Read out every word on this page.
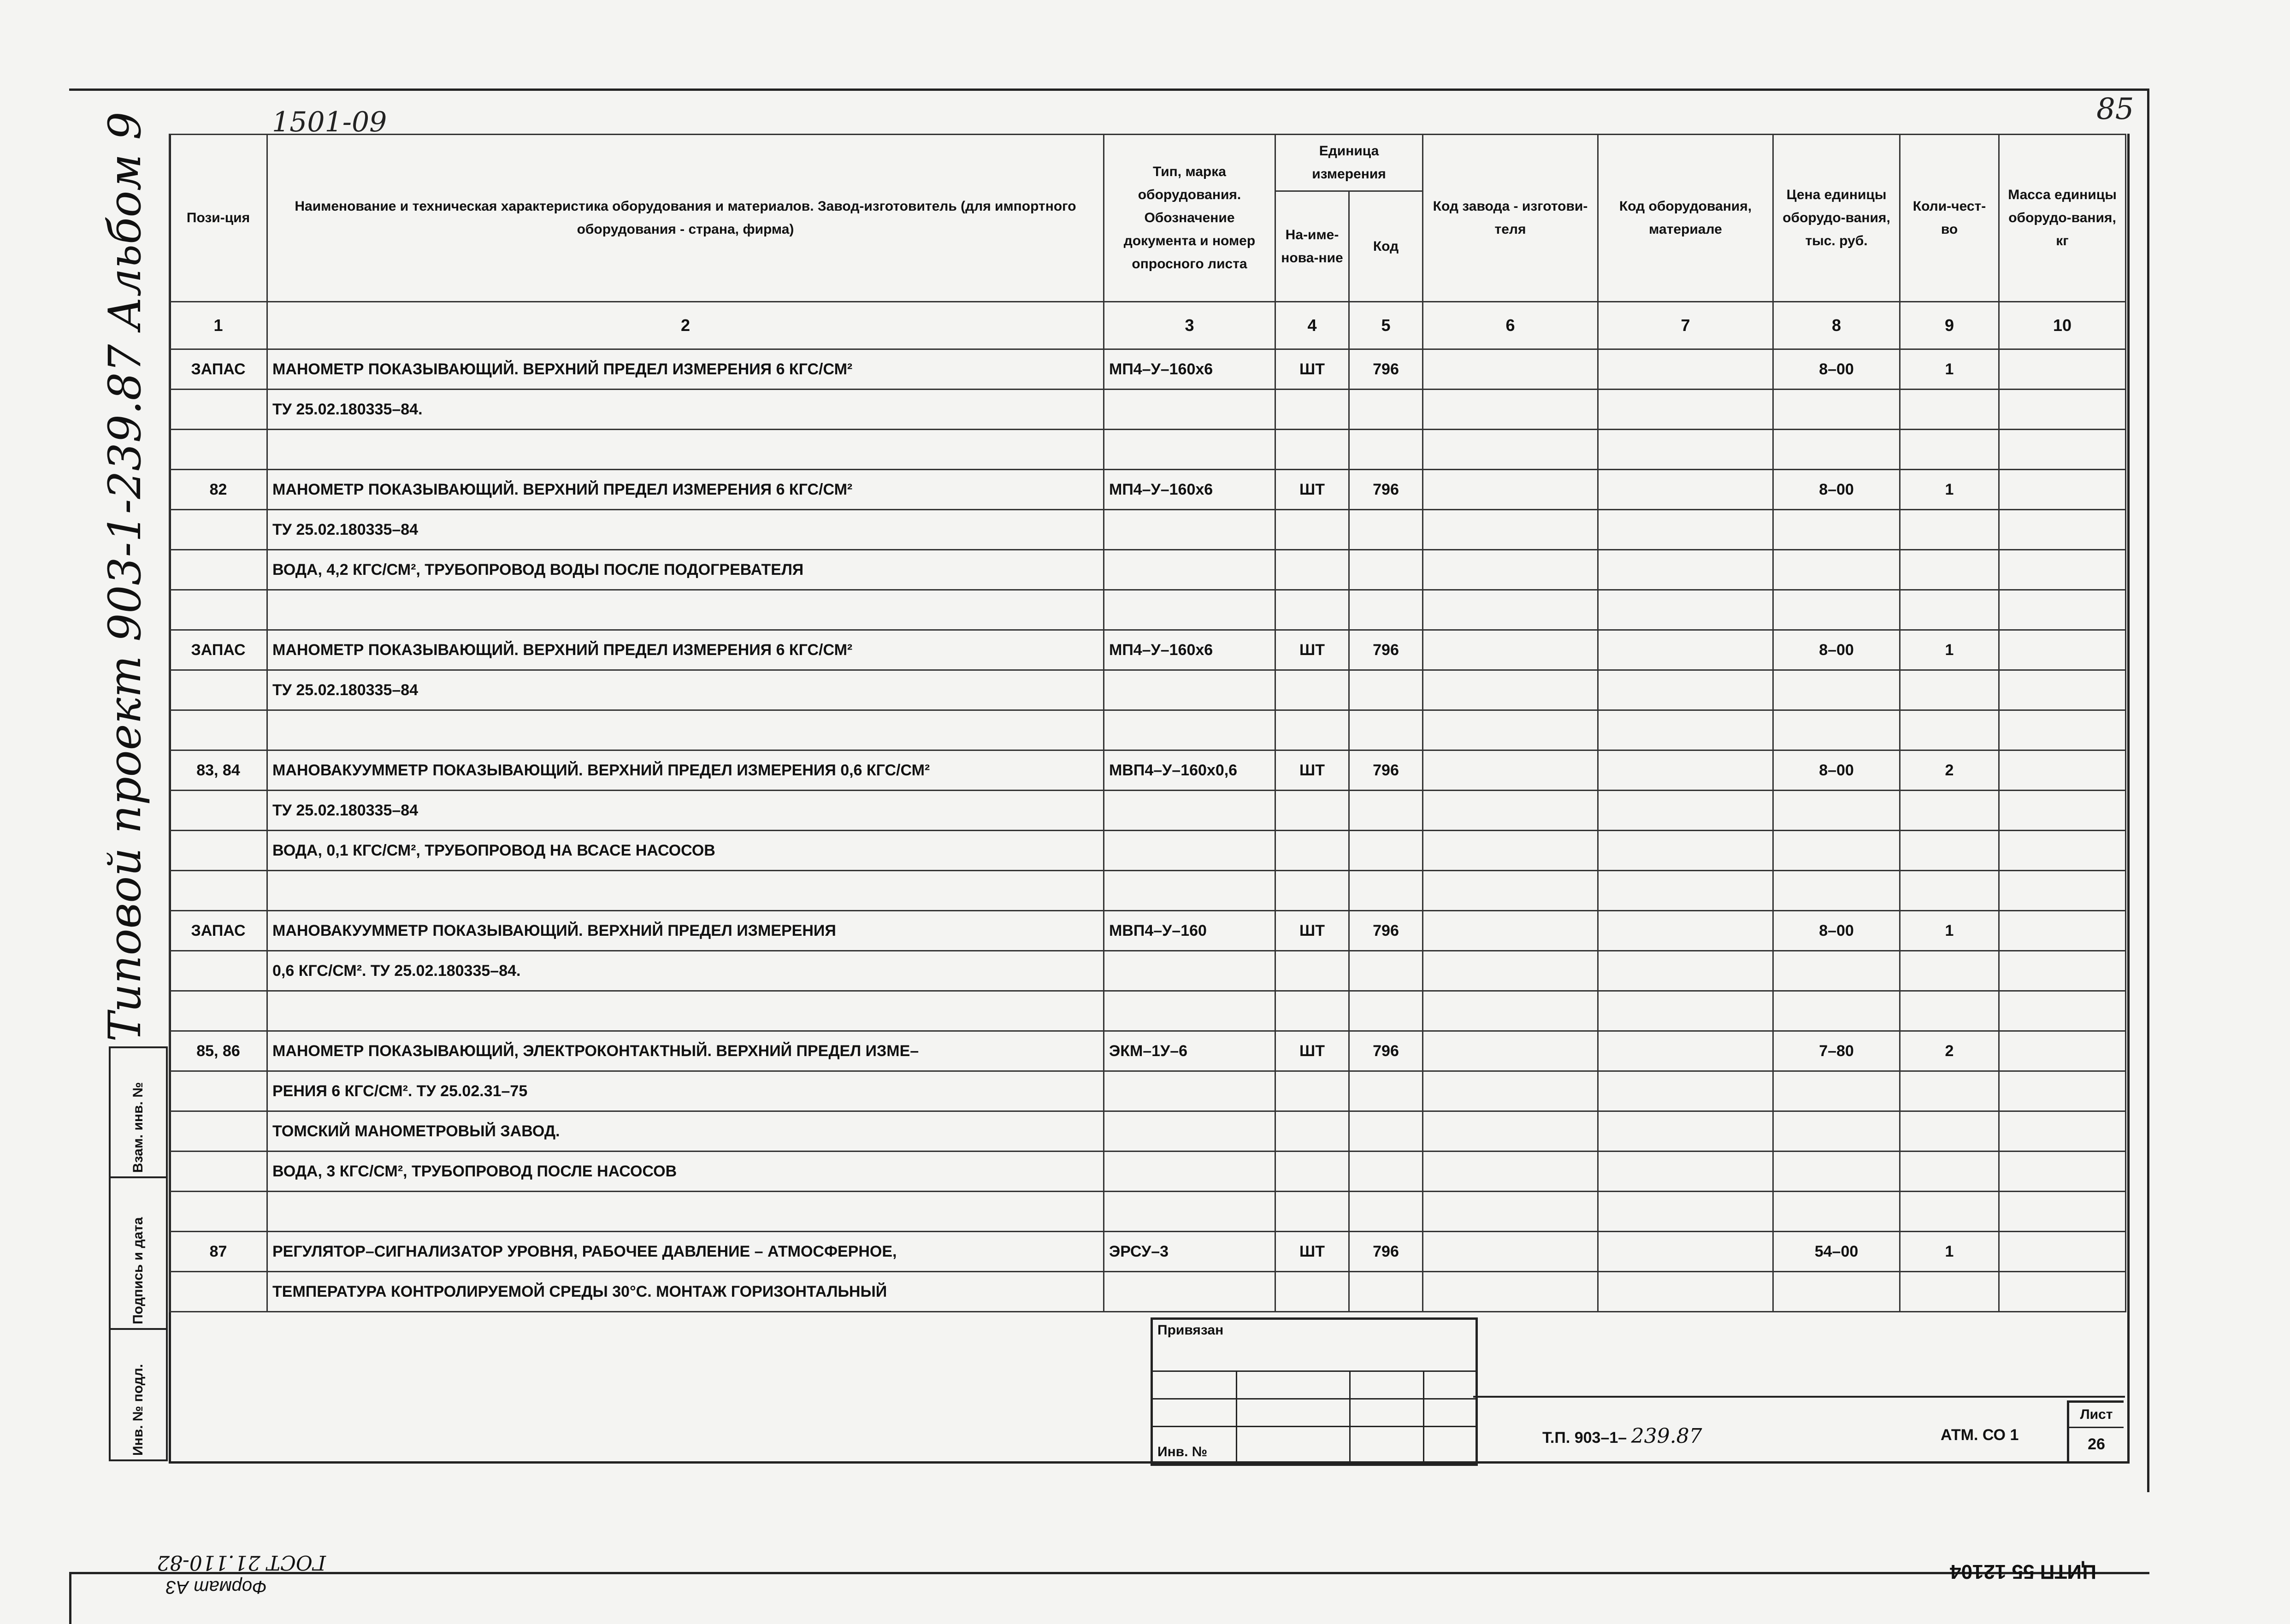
85
1501-09
Типовой проект 903-1-239.87 Альбом 9
Инв. № подл.	Подпись и дата	Взам. инв. №
Пози-ция	Наименование и техническая характеристика оборудования и материалов. Завод-изготовитель (для импортного оборудования - страна, фирма)	Тип, марка оборудования. Обозначение документа и номер опросного листа	Единица измерения		Код завода - изготови-теля	Код оборудования, материале	Цена единицы оборудо-вания, тыс. руб.	Коли-чест-во	Масса единицы оборудо-вания, кг
			На-име-нова-ние	Код					
1	2	3	4	5	6	7	8	9	10
ЗАПАС	МАНОМЕТР ПОКАЗЫВАЮЩИЙ. ВЕРХНИЙ ПРЕДЕЛ ИЗМЕРЕНИЯ 6 КГС/СМ²	МП4–У–160х6	ШТ	796			8–00	1	
	ТУ 25.02.180335–84.								

82	МАНОМЕТР ПОКАЗЫВАЮЩИЙ. ВЕРХНИЙ ПРЕДЕЛ ИЗМЕРЕНИЯ 6 КГС/СМ²	МП4–У–160х6	ШТ	796			8–00	1	
	ТУ 25.02.180335–84								
	ВОДА, 4,2 КГС/СМ², ТРУБОПРОВОД ВОДЫ ПОСЛЕ ПОДОГРЕВАТЕЛЯ								

ЗАПАС	МАНОМЕТР ПОКАЗЫВАЮЩИЙ. ВЕРХНИЙ ПРЕДЕЛ ИЗМЕРЕНИЯ 6 КГС/СМ²	МП4–У–160х6	ШТ	796			8–00	1	
	ТУ 25.02.180335–84								

83, 84	МАНОВАКУУММЕТР ПОКАЗЫВАЮЩИЙ. ВЕРХНИЙ ПРЕДЕЛ ИЗМЕРЕНИЯ 0,6 КГС/СМ²	МВП4–У–160х0,6	ШТ	796			8–00	2	
	ТУ 25.02.180335–84								
	ВОДА, 0,1 КГС/СМ², ТРУБОПРОВОД НА ВСАСЕ НАСОСОВ								

ЗАПАС	МАНОВАКУУММЕТР ПОКАЗЫВАЮЩИЙ. ВЕРХНИЙ ПРЕДЕЛ ИЗМЕРЕНИЯ	МВП4–У–160	ШТ	796			8–00	1	
	0,6 КГС/СМ². ТУ 25.02.180335–84.								

85, 86	МАНОМЕТР ПОКАЗЫВАЮЩИЙ, ЭЛЕКТРОКОНТАКТНЫЙ. ВЕРХНИЙ ПРЕДЕЛ ИЗМЕ–	ЭКМ–1У–6	ШТ	796			7–80	2	
	РЕНИЯ 6 КГС/СМ². ТУ 25.02.31–75								
	ТОМСКИЙ МАНОМЕТРОВЫЙ ЗАВОД.								
	ВОДА, 3 КГС/СМ², ТРУБОПРОВОД ПОСЛЕ НАСОСОВ								

87	РЕГУЛЯТОР–СИГНАЛИЗАТОР УРОВНЯ, РАБОЧЕЕ ДАВЛЕНИЕ – АТМОСФЕРНОЕ,	ЭРСУ–3	ШТ	796			54–00	1	
	ТЕМПЕРАТУРА КОНТРОЛИРУЕМОЙ СРЕДЫ 30°С. МОНТАЖ ГОРИЗОНТАЛЬНЫЙ								
Привязан
Инв. №
Т.П. 903–1– 239.87	АТМ. СО 1
Лист
26
ГОСТ 21.110-82
Формат А3
ЦИТП 55 12104
